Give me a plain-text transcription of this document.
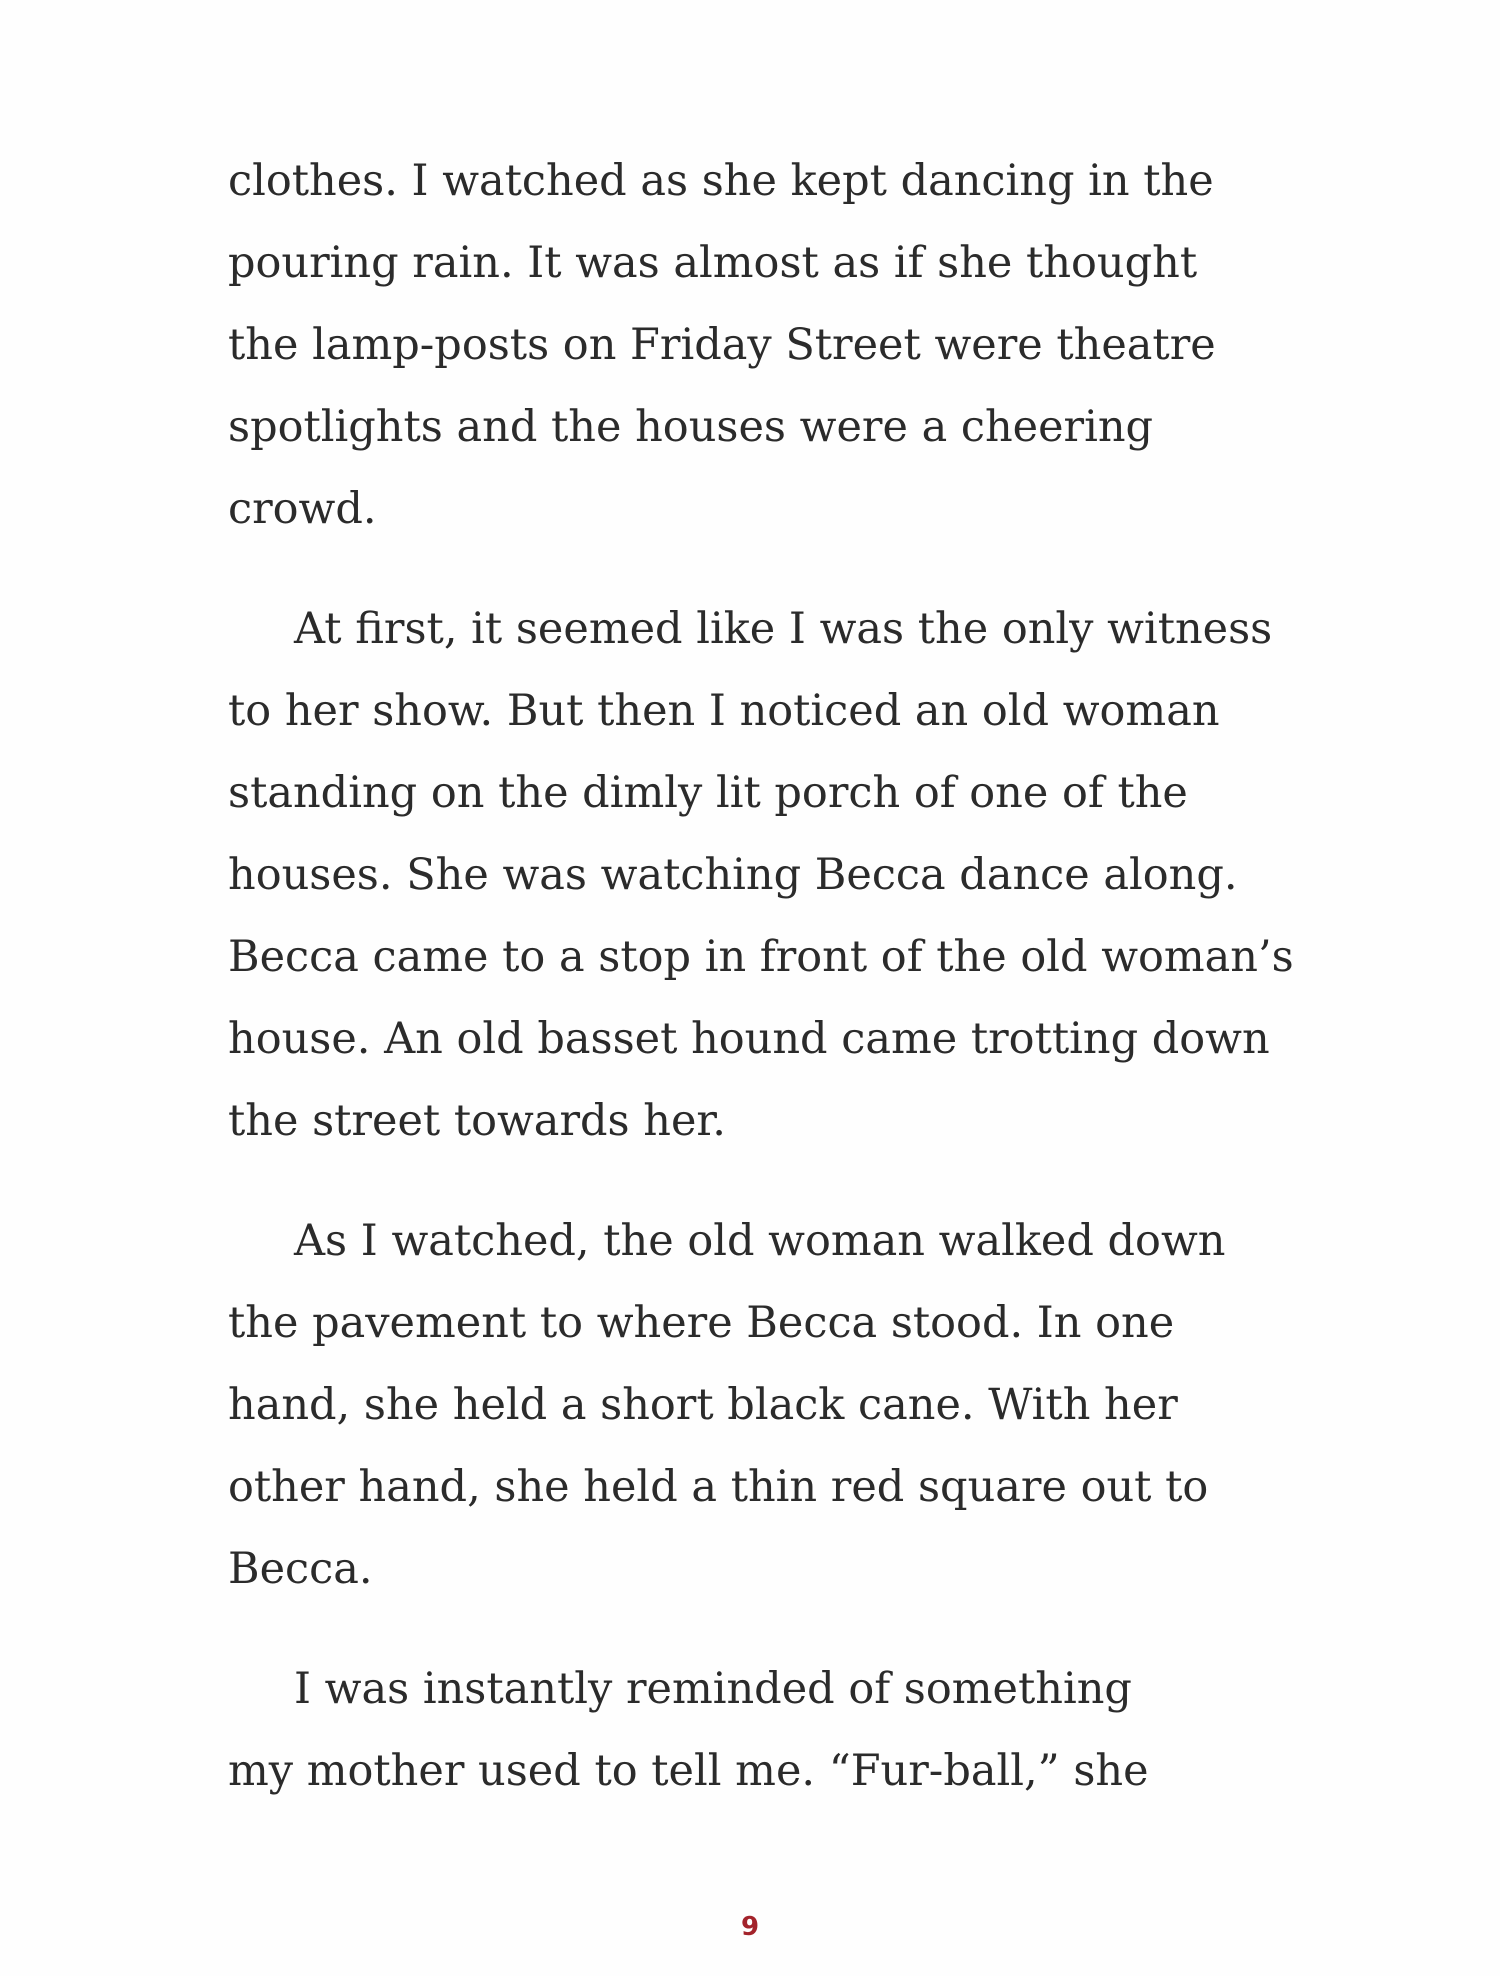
clothes. I watched as she kept dancing in the
pouring rain. It was almost as if she thought
the lamp-posts on Friday Street were theatre
spotlights and the houses were a cheering
crowd.

At first, it seemed like I was the only witness
to her show. But then I noticed an old woman
standing on the dimly lit porch of one of the
houses. She was watching Becca dance along.
Becca came to a stop in front of the old woman’s
house. An old basset hound came trotting down
the street towards her.

As I watched, the old woman walked down
the pavement to where Becca stood. In one
hand, she held a short black cane. With her
other hand, she held a thin red square out to
Becca.

I was instantly reminded of something
my mother used to tell me. “Fur-ball,” she

9
